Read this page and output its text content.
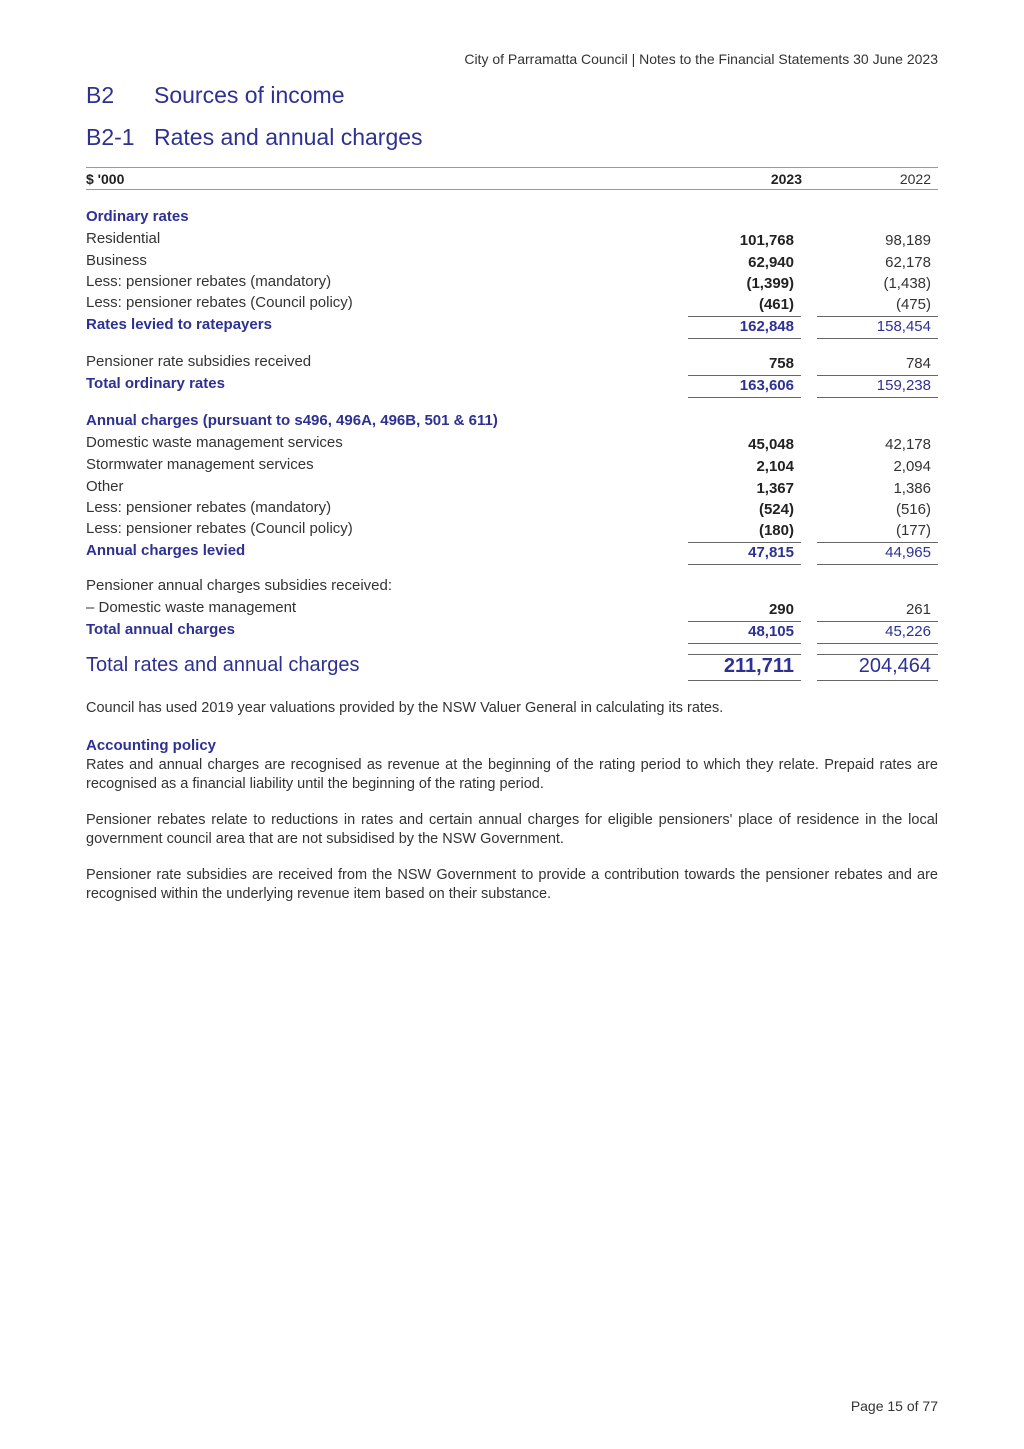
City of Parramatta Council | Notes to the Financial Statements 30 June 2023
B2	Sources of income
B2-1 Rates and annual charges
$ '000	2023	2022
Ordinary rates
Residential	101,768	98,189
Business	62,940	62,178
Less: pensioner rebates (mandatory)	(1,399)	(1,438)
Less: pensioner rebates (Council policy)	(461)	(475)
Rates levied to ratepayers	162,848	158,454
Pensioner rate subsidies received	758	784
Total ordinary rates	163,606	159,238
Annual charges (pursuant to s496, 496A, 496B, 501 & 611)
Domestic waste management services	45,048	42,178
Stormwater management services	2,104	2,094
Other	1,367	1,386
Less: pensioner rebates (mandatory)	(524)	(516)
Less: pensioner rebates (Council policy)	(180)	(177)
Annual charges levied	47,815	44,965
Pensioner annual charges subsidies received:
– Domestic waste management	290	261
Total annual charges	48,105	45,226
Total rates and annual charges	211,711	204,464
Council has used 2019 year valuations provided by the NSW Valuer General in calculating its rates.
Accounting policy
Rates and annual charges are recognised as revenue at the beginning of the rating period to which they relate. Prepaid rates are recognised as a financial liability until the beginning of the rating period.
Pensioner rebates relate to reductions in rates and certain annual charges for eligible pensioners' place of residence in the local government council area that are not subsidised by the NSW Government.
Pensioner rate subsidies are received from the NSW Government to provide a contribution towards the pensioner rebates and are recognised within the underlying revenue item based on their substance.
Page 15 of 77
